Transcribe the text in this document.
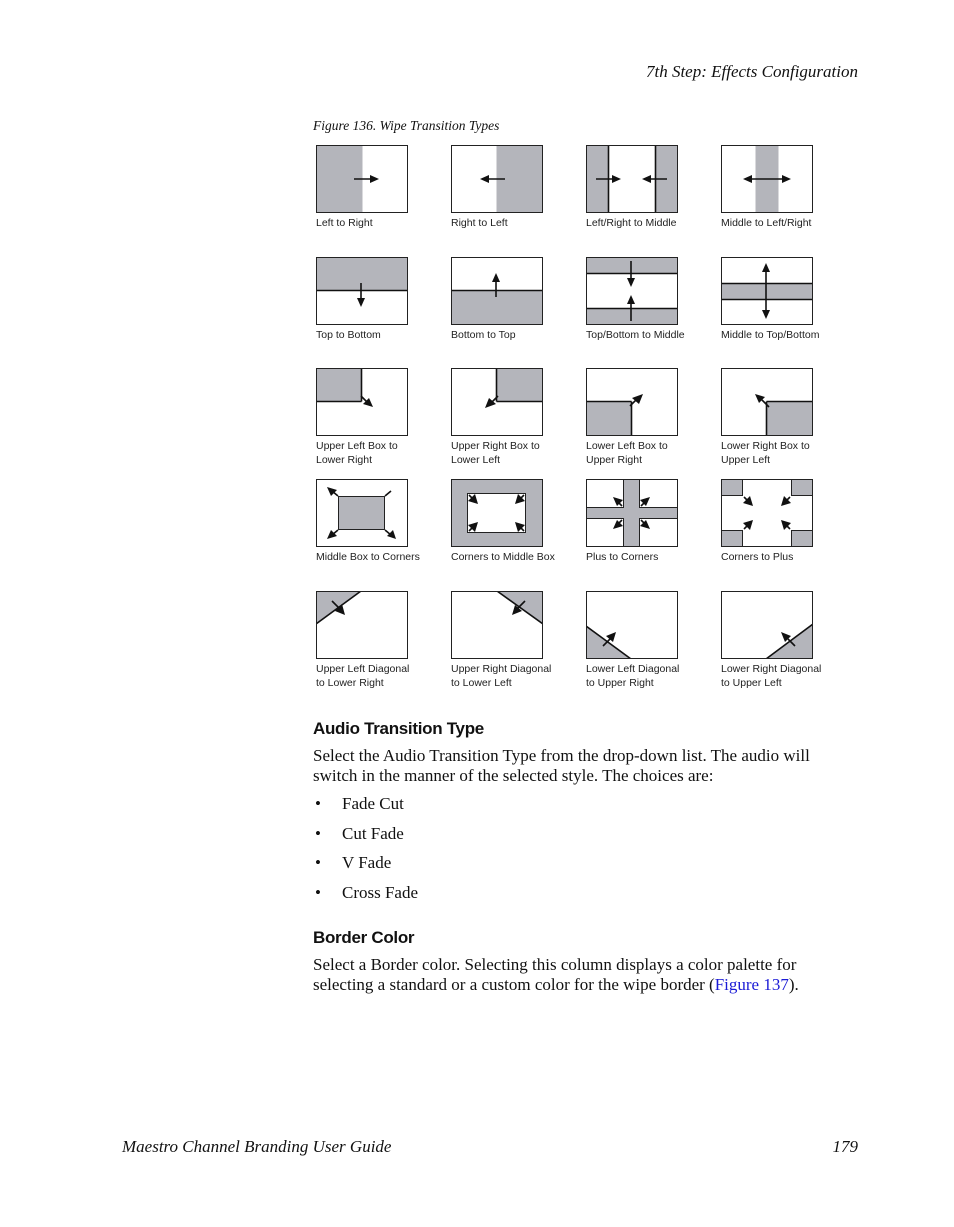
7th Step: Effects Configuration
Figure 136. Wipe Transition Types
Left to Right	Right to Left	Left/Right to Middle	Middle to Left/Right
Top to Bottom	Bottom to Top	Top/Bottom to Middle	Middle to Top/Bottom
Upper Left Box to
Lower Right
Upper Right Box to
Lower Left
Lower Left Box to
Upper Right
Lower Right Box to
Upper Left
Middle Box to Corners	Corners to Middle Box	Plus to Corners	Corners to Plus
Upper Left Diagonal
to Lower Right
Upper Right Diagonal
to Lower Left
Lower Left Diagonal
to Upper Right
Lower Right Diagonal
to Upper Left
Audio Transition Type
Select the Audio Transition Type from the drop-down list. The audio will switch in the manner of the selected style. The choices are:
• Fade Cut
• Cut Fade
• V Fade
• Cross Fade
Border Color
Select a Border color. Selecting this column displays a color palette for selecting a standard or a custom color for the wipe border (Figure 137).
Maestro Channel Branding User Guide	179
